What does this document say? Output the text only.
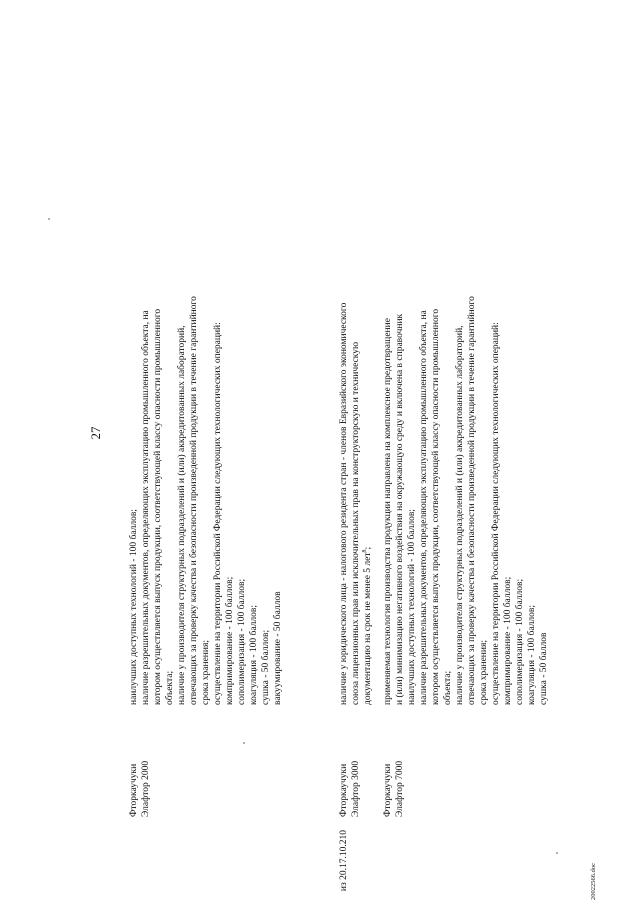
27
Фторкаучуки Элафтор 2000
наилучших доступных технологий - 100 баллов; наличие разрешительных документов, определяющих эксплуатацию промышленного объекта, на котором осуществляется выпуск продукции, соответствующей классу опасности промышленного объекта; наличие у производителя структурных подразделений и (или) аккредитованных лабораторий, отвечающих за проверку качества и безопасности произведенной продукции в течение гарантийного срока хранения; осуществление на территории Российской Федерации следующих технологических операций: компримирование - 100 баллов; сополимеризация - 100 баллов; коагуляция - 100 баллов; сушка - 50 баллов; вакуумирование - 50 баллов
из 20.17.10.210
Фторкаучуки Элафтор 3000
наличие у юридического лица - налогового резидента стран - членов Евразийского экономического союза лицензионных прав или исключительных прав на конструкторскую и техническую документацию на срок не менее 5 лет$^8$;
Фторкаучуки Элафтор 7000
применяемая технология производства продукции направлена на комплексное предотвращение и (или) минимизацию негативного воздействия на окружающую среду и включена в справочник наилучших доступных технологий - 100 баллов; наличие разрешительных документов, определяющих эксплуатацию промышленного объекта, на котором осуществляется выпуск продукции, соответствующей классу опасности промышленного объекта; наличие у производителя структурных подразделений и (или) аккредитованных лабораторий, отвечающих за проверку качества и безопасности произведенной продукции в течение гарантийного срока хранения; осуществление на территории Российской Федерации следующих технологических операций: компримирование - 100 баллов; сополимеризация - 100 баллов; коагуляция - 100 баллов; сушка - 50 баллов
20022566.doc
